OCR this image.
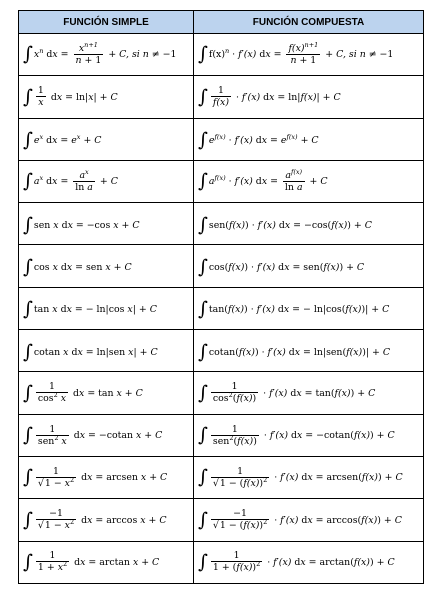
FUNCIÓN SIMPLE	FUNCIÓN COMPUESTA
$\int x^n$ dx = $\frac{x^{n+1}}{n + 1} + C$, si n ≠ −1	$\int f(x)^n \cdot f'(x)$ dx = $\frac{f(x)^{n+1}}{n + 1} + C$, si n ≠ −1
∫ $\frac{1}{x}$ dx = ln|x| + C	∫ $\frac{1}{f(x)} \cdot f'(x)$ dx = ln|f(x)| + C
$\int e^x$ dx = $e^x + C$	$\int e^{f(x)} \cdot f'(x)$ dx = $e^{f(x)} + C$
$\int a^x$ dx = $\frac{a^x}{\text{ln a}} + C$	$\int a^{f(x)} \cdot f'(x)$ dx = $\frac{a^{f(x)}}{\text{ln a}} + C$
∫sen x dx = −cos x + C	∫sen(f(x)) · f′(x) dx = −cos(f(x)) + C
∫cos x dx = sen x + C	∫cos(f(x)) · f′(x) dx = sen(f(x)) + C
∫tan x dx = − ln|cos x| + C	∫tan(f(x)) · f′(x) dx = − ln|cos(f(x))| + C
∫cotan x dx = ln|sen x| + C	∫cotan(f(x)) · f′(x) dx = ln|sen(f(x))| + C
∫ $\frac{1}{\cos^2 x}$ dx = tan x + C	∫ $\frac{1}{\cos^2(f(x))} \cdot f'(x)$ dx = tan(f(x)) + C
∫ $\frac{1}{sen^2 x}$ dx = −cotan x + C	∫ $\frac{1}{sen^2(f(x))} \cdot f'(x)$ dx = −cotan(f(x)) + C
∫ $\frac{1}{√1 - x^2}$ dx = arcsen x + C	∫ $\frac{1}{√1 - (f(x))^2} \cdot f'(x)$ dx = arcsen(f(x)) + C
∫ $\frac{-1}{√1 - x^2}$ dx = arccos x + C	∫ $\frac{-1}{√1 - (f(x))^2} \cdot f'(x)$ dx = arccos(f(x)) + C
∫ $\frac{1}{1 + x^2}$ dx = arctan x + C	∫ $\frac{1}{1 + (f(x))^2} \cdot f'(x)$ dx = arctan(f(x)) + C
